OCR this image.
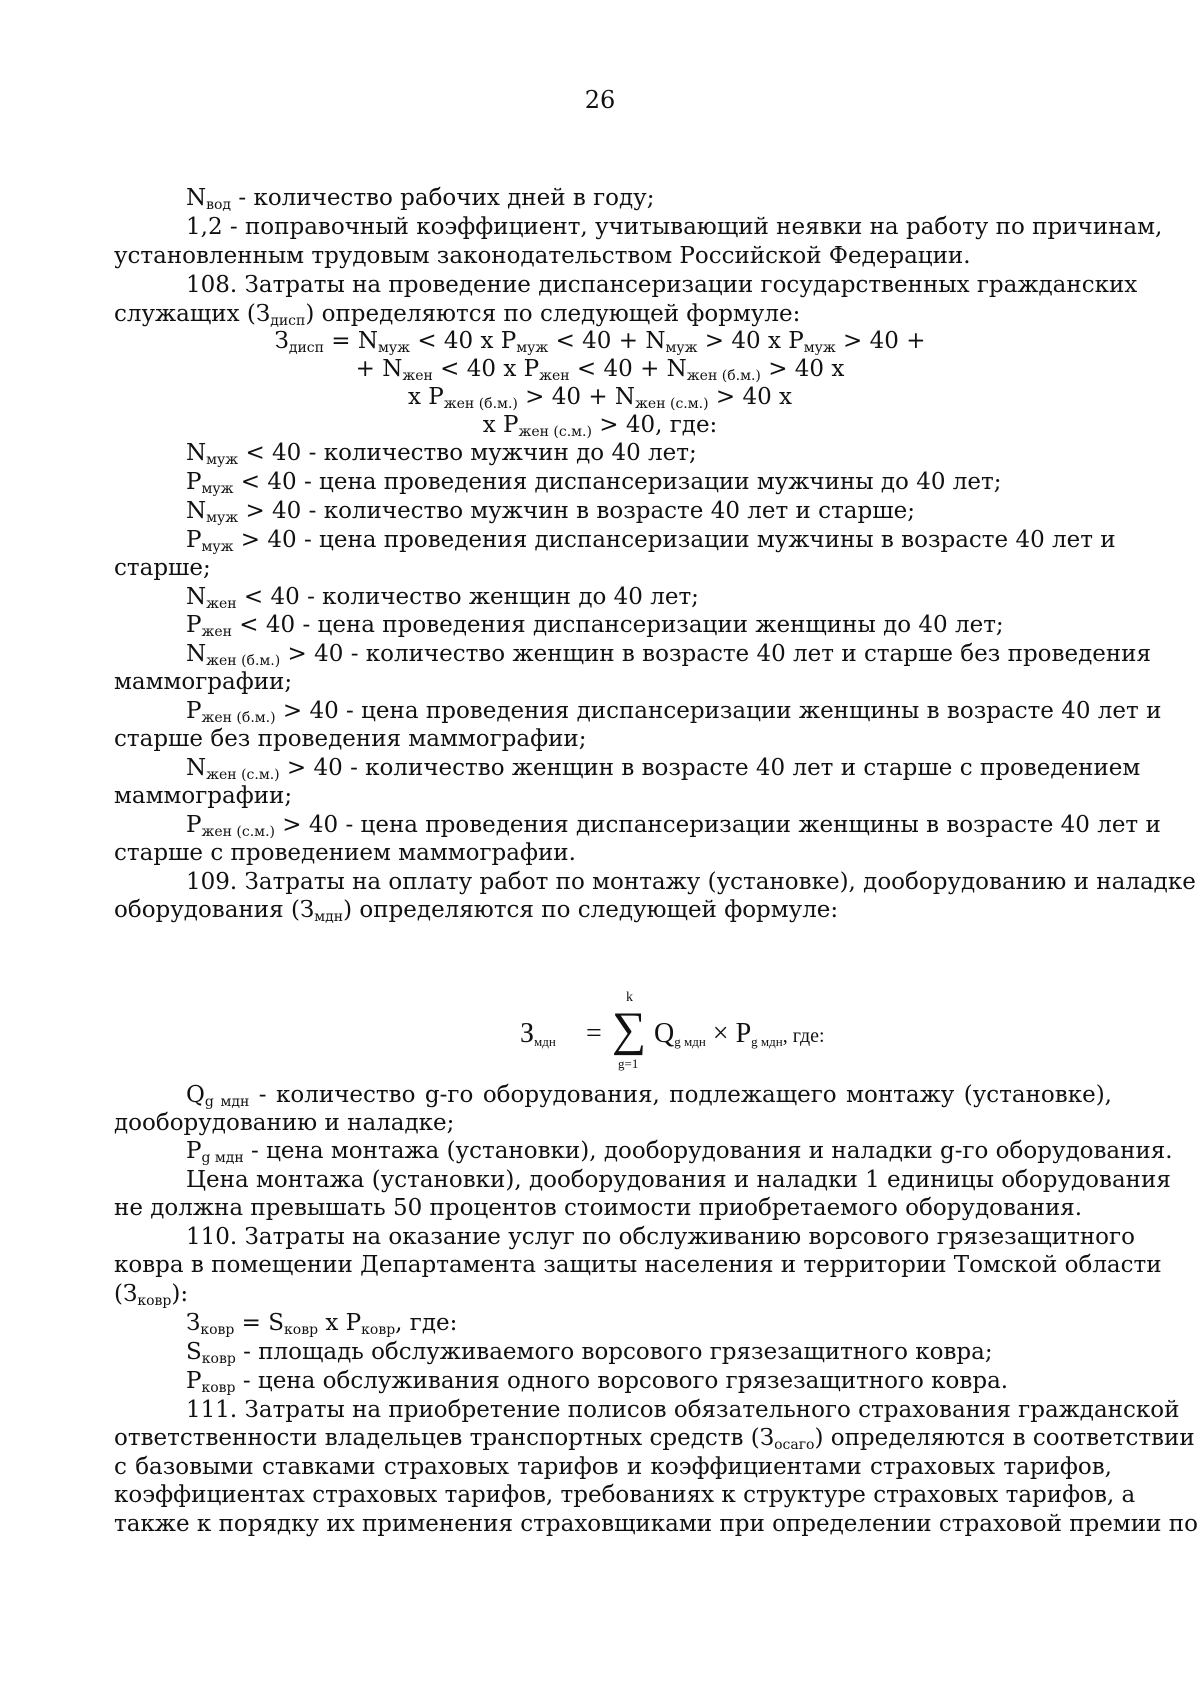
26
$N_{вод}$ - количество рабочих дней в году;
1,2 - поправочный коэффициент, учитывающий неявки на работу по причинам,
установленным трудовым законодательством Российской Федерации.
108. Затраты на проведение диспансеризации государственных гражданских
служащих $(З_{дисп})$ определяются по следующей формуле:
$З_{дисп} = N_{муж} < 40$ х $P_{муж} < 40 + N_{муж} > 40$ х $P_{муж} > 40$ +
+ $N_{жен} < 40$ х $P_{жен} < 40 + N_{жен (б.м.)} > 40$ х
х $P_{жен (б.м.)} > 40 + N_{жен (с.м.)} > 40$ х
х $P_{жен (с.м.)} > 40$, где:
$N_{муж} < 40$ - количество мужчин до 40 лет;
$P_{муж} < 40$ - цена проведения диспансеризации мужчины до 40 лет;
$N_{муж} > 40$ - количество мужчин в возрасте 40 лет и старше;
$P_{муж} > 40$ - цена проведения диспансеризации мужчины в возрасте 40 лет и
старше;
$N_{жен} < 40$ - количество женщин до 40 лет;
$P_{жен} < 40$ - цена проведения диспансеризации женщины до 40 лет;
$N_{жен (б.м.)} > 40$ - количество женщин в возрасте 40 лет и старше без проведения
маммографии;
$P_{жен (б.м.)} > 40$ - цена проведения диспансеризации женщины в возрасте 40 лет и
старше без проведения маммографии;
$N_{жен (с.м.)} > 40$ - количество женщин в возрасте 40 лет и старше с проведением
маммографии;
$P_{жен (с.м.)} > 40$ - цена проведения диспансеризации женщины в возрасте 40 лет и
старше с проведением маммографии.
109. Затраты на оплату работ по монтажу (установке), дооборудованию и наладке
оборудования $(З_{мдн})$ определяются по следующей формуле:
$З_{мдн}$ =
k
∑
g=1
$Q_{g мдн} \times P_{g мдн}$, где:
$Q_{g мдн}$ - количество g-го оборудования, подлежащего монтажу (установке),
дооборудованию и наладке;
$P_{g мдн}$ - цена монтажа (установки), дооборудования и наладки g-го оборудования.
Цена монтажа (установки), дооборудования и наладки 1 единицы оборудования
не должна превышать 50 процентов стоимости приобретаемого оборудования.
110. Затраты на оказание услуг по обслуживанию ворсового грязезащитного
ковра в помещении Департамента защиты населения и территории Томской области
$(З_{ковр})$:
$З_{ковр} = S_{ковр}$ х $P_{ковр}$, где:
$S_{ковр}$ - площадь обслуживаемого ворсового грязезащитного ковра;
$P_{ковр}$ - цена обслуживания одного ворсового грязезащитного ковра.
111. Затраты на приобретение полисов обязательного страхования гражданской
ответственности владельцев транспортных средств $(З_{осаго})$ определяются в соответствии
с базовыми ставками страховых тарифов и коэффициентами страховых тарифов,
коэффициентах страховых тарифов, требованиях к структуре страховых тарифов, а
также к порядку их применения страховщиками при определении страховой премии по
